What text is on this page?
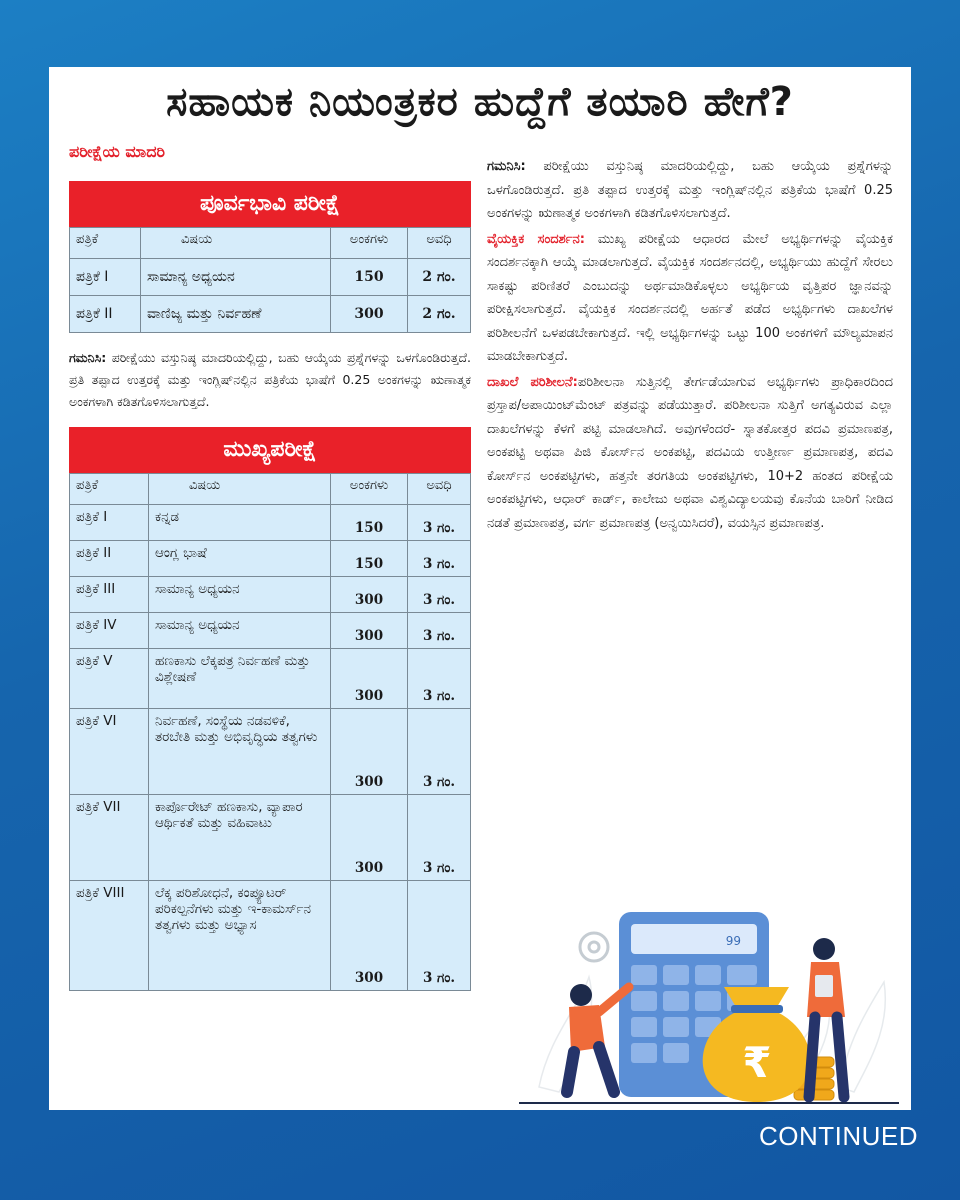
ಸಹಾಯಕ ನಿಯಂತ್ರಕರ ಹುದ್ದೆಗೆ ತಯಾರಿ ಹೇಗೆ?
ಪರೀಕ್ಷೆಯ ಮಾದರಿ
ಪೂರ್ವಭಾವಿ ಪರೀಕ್ಷೆ
ಪತ್ರಿಕೆ	ವಿಷಯ	ಅಂಕಗಳು	ಅವಧಿ
ಪತ್ರಿಕೆ I	ಸಾಮಾನ್ಯ ಅಧ್ಯಯನ	150	2 ಗಂ.
ಪತ್ರಿಕೆ II	ವಾಣಿಜ್ಯ ಮತ್ತು ನಿರ್ವಹಣೆ	300	2 ಗಂ.

ಗಮನಿಸಿ: ಪರೀಕ್ಷೆಯು ವಸ್ತುನಿಷ್ಠ ಮಾದರಿಯಲ್ಲಿದ್ದು, ಬಹು ಆಯ್ಕೆಯ ಪ್ರಶ್ನೆಗಳನ್ನು ಒಳಗೊಂಡಿರುತ್ತದೆ. ಪ್ರತಿ ತಪ್ಪಾದ ಉತ್ತರಕ್ಕೆ ಮತ್ತು ಇಂಗ್ಲಿಷ್‌ನಲ್ಲಿನ ಪತ್ರಿಕೆಯ ಭಾಷೆಗೆ 0.25 ಅಂಕಗಳನ್ನು ಋಣಾತ್ಮಕ ಅಂಕಗಳಾಗಿ ಕಡಿತಗೊಳಿಸಲಾಗುತ್ತದೆ.

ಮುಖ್ಯಪರೀಕ್ಷೆ
ಪತ್ರಿಕೆ	ವಿಷಯ	ಅಂಕಗಳು	ಅವಧಿ
ಪತ್ರಿಕೆ I	ಕನ್ನಡ	150	3 ಗಂ.
ಪತ್ರಿಕೆ II	ಆಂಗ್ಲ ಭಾಷೆ	150	3 ಗಂ.
ಪತ್ರಿಕೆ III	ಸಾಮಾನ್ಯ ಅಧ್ಯಯನ	300	3 ಗಂ.
ಪತ್ರಿಕೆ IV	ಸಾಮಾನ್ಯ ಅಧ್ಯಯನ	300	3 ಗಂ.
ಪತ್ರಿಕೆ V	ಹಣಕಾಸು ಲೆಕ್ಕಪತ್ರ ನಿರ್ವಹಣೆ ಮತ್ತು ವಿಶ್ಲೇಷಣೆ	300	3 ಗಂ.
ಪತ್ರಿಕೆ VI	ನಿರ್ವಹಣೆ, ಸಂಸ್ಥೆಯ ನಡವಳಿಕೆ, ತರಬೇತಿ ಮತ್ತು ಅಭಿವೃದ್ಧಿಯ ತತ್ವಗಳು	300	3 ಗಂ.
ಪತ್ರಿಕೆ VII	ಕಾರ್ಪೊರೇಟ್ ಹಣಕಾಸು, ವ್ಯಾಪಾರ ಆರ್ಥಿಕತೆ ಮತ್ತು ವಹಿವಾಟು	300	3 ಗಂ.
ಪತ್ರಿಕೆ VIII	ಲೆಕ್ಕ ಪರಿಶೋಧನೆ, ಕಂಪ್ಯೂಟರ್ ಪರಿಕಲ್ಪನೆಗಳು ಮತ್ತು ಇ-ಕಾಮರ್ಸ್‌ನ ತತ್ವಗಳು ಮತ್ತು ಅಭ್ಯಾಸ	300	3 ಗಂ.

ಗಮನಿಸಿ: ಪರೀಕ್ಷೆಯು ವಸ್ತುನಿಷ್ಠ ಮಾದರಿಯಲ್ಲಿದ್ದು, ಬಹು ಆಯ್ಕೆಯ ಪ್ರಶ್ನೆಗಳನ್ನು ಒಳಗೊಂಡಿರುತ್ತದೆ. ಪ್ರತಿ ತಪ್ಪಾದ ಉತ್ತರಕ್ಕೆ ಮತ್ತು ಇಂಗ್ಲಿಷ್‌ನಲ್ಲಿನ ಪತ್ರಿಕೆಯ ಭಾಷೆಗೆ 0.25 ಅಂಕಗಳನ್ನು ಋಣಾತ್ಮಕ ಅಂಕಗಳಾಗಿ ಕಡಿತಗೊಳಿಸಲಾಗುತ್ತದೆ.

ವೈಯಕ್ತಿಕ ಸಂದರ್ಶನ: ಮುಖ್ಯ ಪರೀಕ್ಷೆಯ ಆಧಾರದ ಮೇಲೆ ಅಭ್ಯರ್ಥಿಗಳನ್ನು ವೈಯಕ್ತಿಕ ಸಂದರ್ಶನಕ್ಕಾಗಿ ಆಯ್ಕೆ ಮಾಡಲಾಗುತ್ತದೆ. ವೈಯಕ್ತಿಕ ಸಂದರ್ಶನದಲ್ಲಿ, ಅಭ್ಯರ್ಥಿಯು ಹುದ್ದೆಗೆ ಸೇರಲು ಸಾಕಷ್ಟು ಪರಿಣಿತರೆ ಎಂಬುದನ್ನು ಅರ್ಥಮಾಡಿಕೊಳ್ಳಲು ಅಭ್ಯರ್ಥಿಯ ವೃತ್ತಿಪರ ಜ್ಞಾನವನ್ನು ಪರೀಕ್ಷಿಸಲಾಗುತ್ತದೆ. ವೈಯಕ್ತಿಕ ಸಂದರ್ಶನದಲ್ಲಿ ಅರ್ಹತೆ ಪಡೆದ ಅಭ್ಯರ್ಥಿಗಳು ದಾಖಲೆಗಳ ಪರಿಶೀಲನೆಗೆ ಒಳಪಡಬೇಕಾಗುತ್ತದೆ. ಇಲ್ಲಿ ಅಭ್ಯರ್ಥಿಗಳನ್ನು ಒಟ್ಟು 100 ಅಂಕಗಳಿಗೆ ಮೌಲ್ಯಮಾಪನ ಮಾಡಬೇಕಾಗುತ್ತದೆ.

ದಾಖಲೆ ಪರಿಶೀಲನೆ:ಪರಿಶೀಲನಾ ಸುತ್ತಿನಲ್ಲಿ ತೇರ್ಗಡೆಯಾಗುವ ಅಭ್ಯರ್ಥಿಗಳು ಪ್ರಾಧಿಕಾರದಿಂದ ಪ್ರಸ್ತಾಪ/ಅಪಾಯಿಂಟ್‌ಮೆಂಟ್ ಪತ್ರವನ್ನು ಪಡೆಯುತ್ತಾರೆ. ಪರಿಶೀಲನಾ ಸುತ್ತಿಗೆ ಅಗತ್ಯವಿರುವ ಎಲ್ಲಾ ದಾಖಲೆಗಳನ್ನು ಕೆಳಗೆ ಪಟ್ಟಿ ಮಾಡಲಾಗಿದೆ. ಅವುಗಳೆಂದರೆ- ಸ್ನಾತಕೋತ್ತರ ಪದವಿ ಪ್ರಮಾಣಪತ್ರ, ಅಂಕಪಟ್ಟಿ ಅಥವಾ ಪಿಜಿ ಕೋರ್ಸ್‌ನ ಅಂಕಪಟ್ಟಿ, ಪದವಿಯ ಉತ್ತೀರ್ಣ ಪ್ರಮಾಣಪತ್ರ, ಪದವಿ ಕೋರ್ಸ್‌ನ ಅಂಕಪಟ್ಟಿಗಳು, ಹತ್ತನೇ ತರಗತಿಯ ಅಂಕಪಟ್ಟಿಗಳು, 10+2 ಹಂತದ ಪರೀಕ್ಷೆಯ ಅಂಕಪಟ್ಟಿಗಳು, ಆಧಾರ್ ಕಾರ್ಡ್, ಕಾಲೇಜು ಅಥವಾ ವಿಶ್ವವಿದ್ಯಾಲಯವು ಕೊನೆಯ ಬಾರಿಗೆ ನೀಡಿದ ನಡತೆ ಪ್ರಮಾಣಪತ್ರ, ವರ್ಗ ಪ್ರಮಾಣಪತ್ರ (ಅನ್ವಯಿಸಿದರೆ), ವಯಸ್ಸಿನ ಪ್ರಮಾಣಪತ್ರ.

99
₹
CONTINUED
